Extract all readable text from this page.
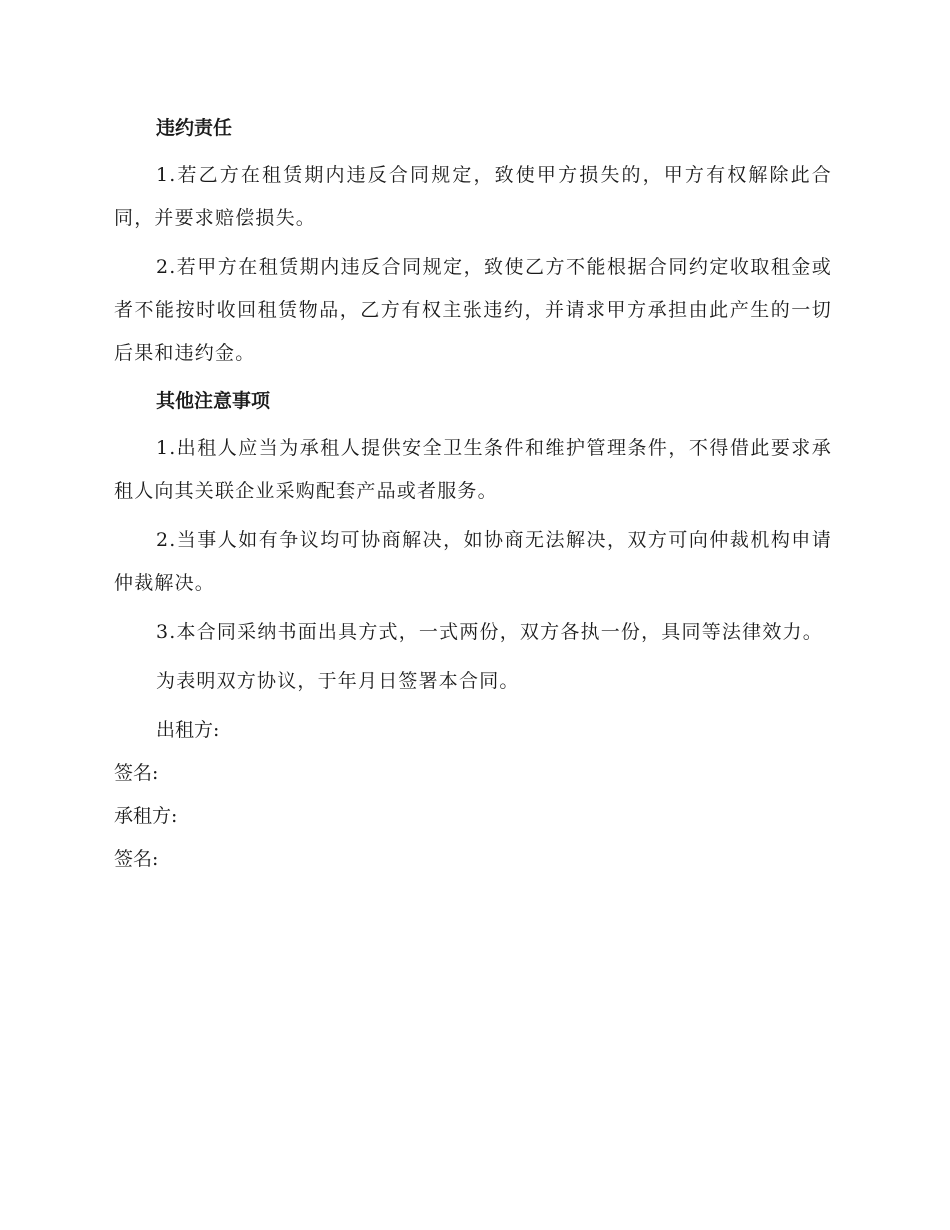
违约责任

1.若乙方在租赁期内违反合同规定，致使甲方损失的，甲方有权解除此合同，并要求赔偿损失。

2.若甲方在租赁期内违反合同规定，致使乙方不能根据合同约定收取租金或者不能按时收回租赁物品，乙方有权主张违约，并请求甲方承担由此产生的一切后果和违约金。

其他注意事项

1.出租人应当为承租人提供安全卫生条件和维护管理条件，不得借此要求承租人向其关联企业采购配套产品或者服务。

2.当事人如有争议均可协商解决，如协商无法解决，双方可向仲裁机构申请仲裁解决。

3.本合同采纳书面出具方式，一式两份，双方各执一份，具同等法律效力。

为表明双方协议，于年月日签署本合同。

出租方:

签名:

承租方:

签名:
